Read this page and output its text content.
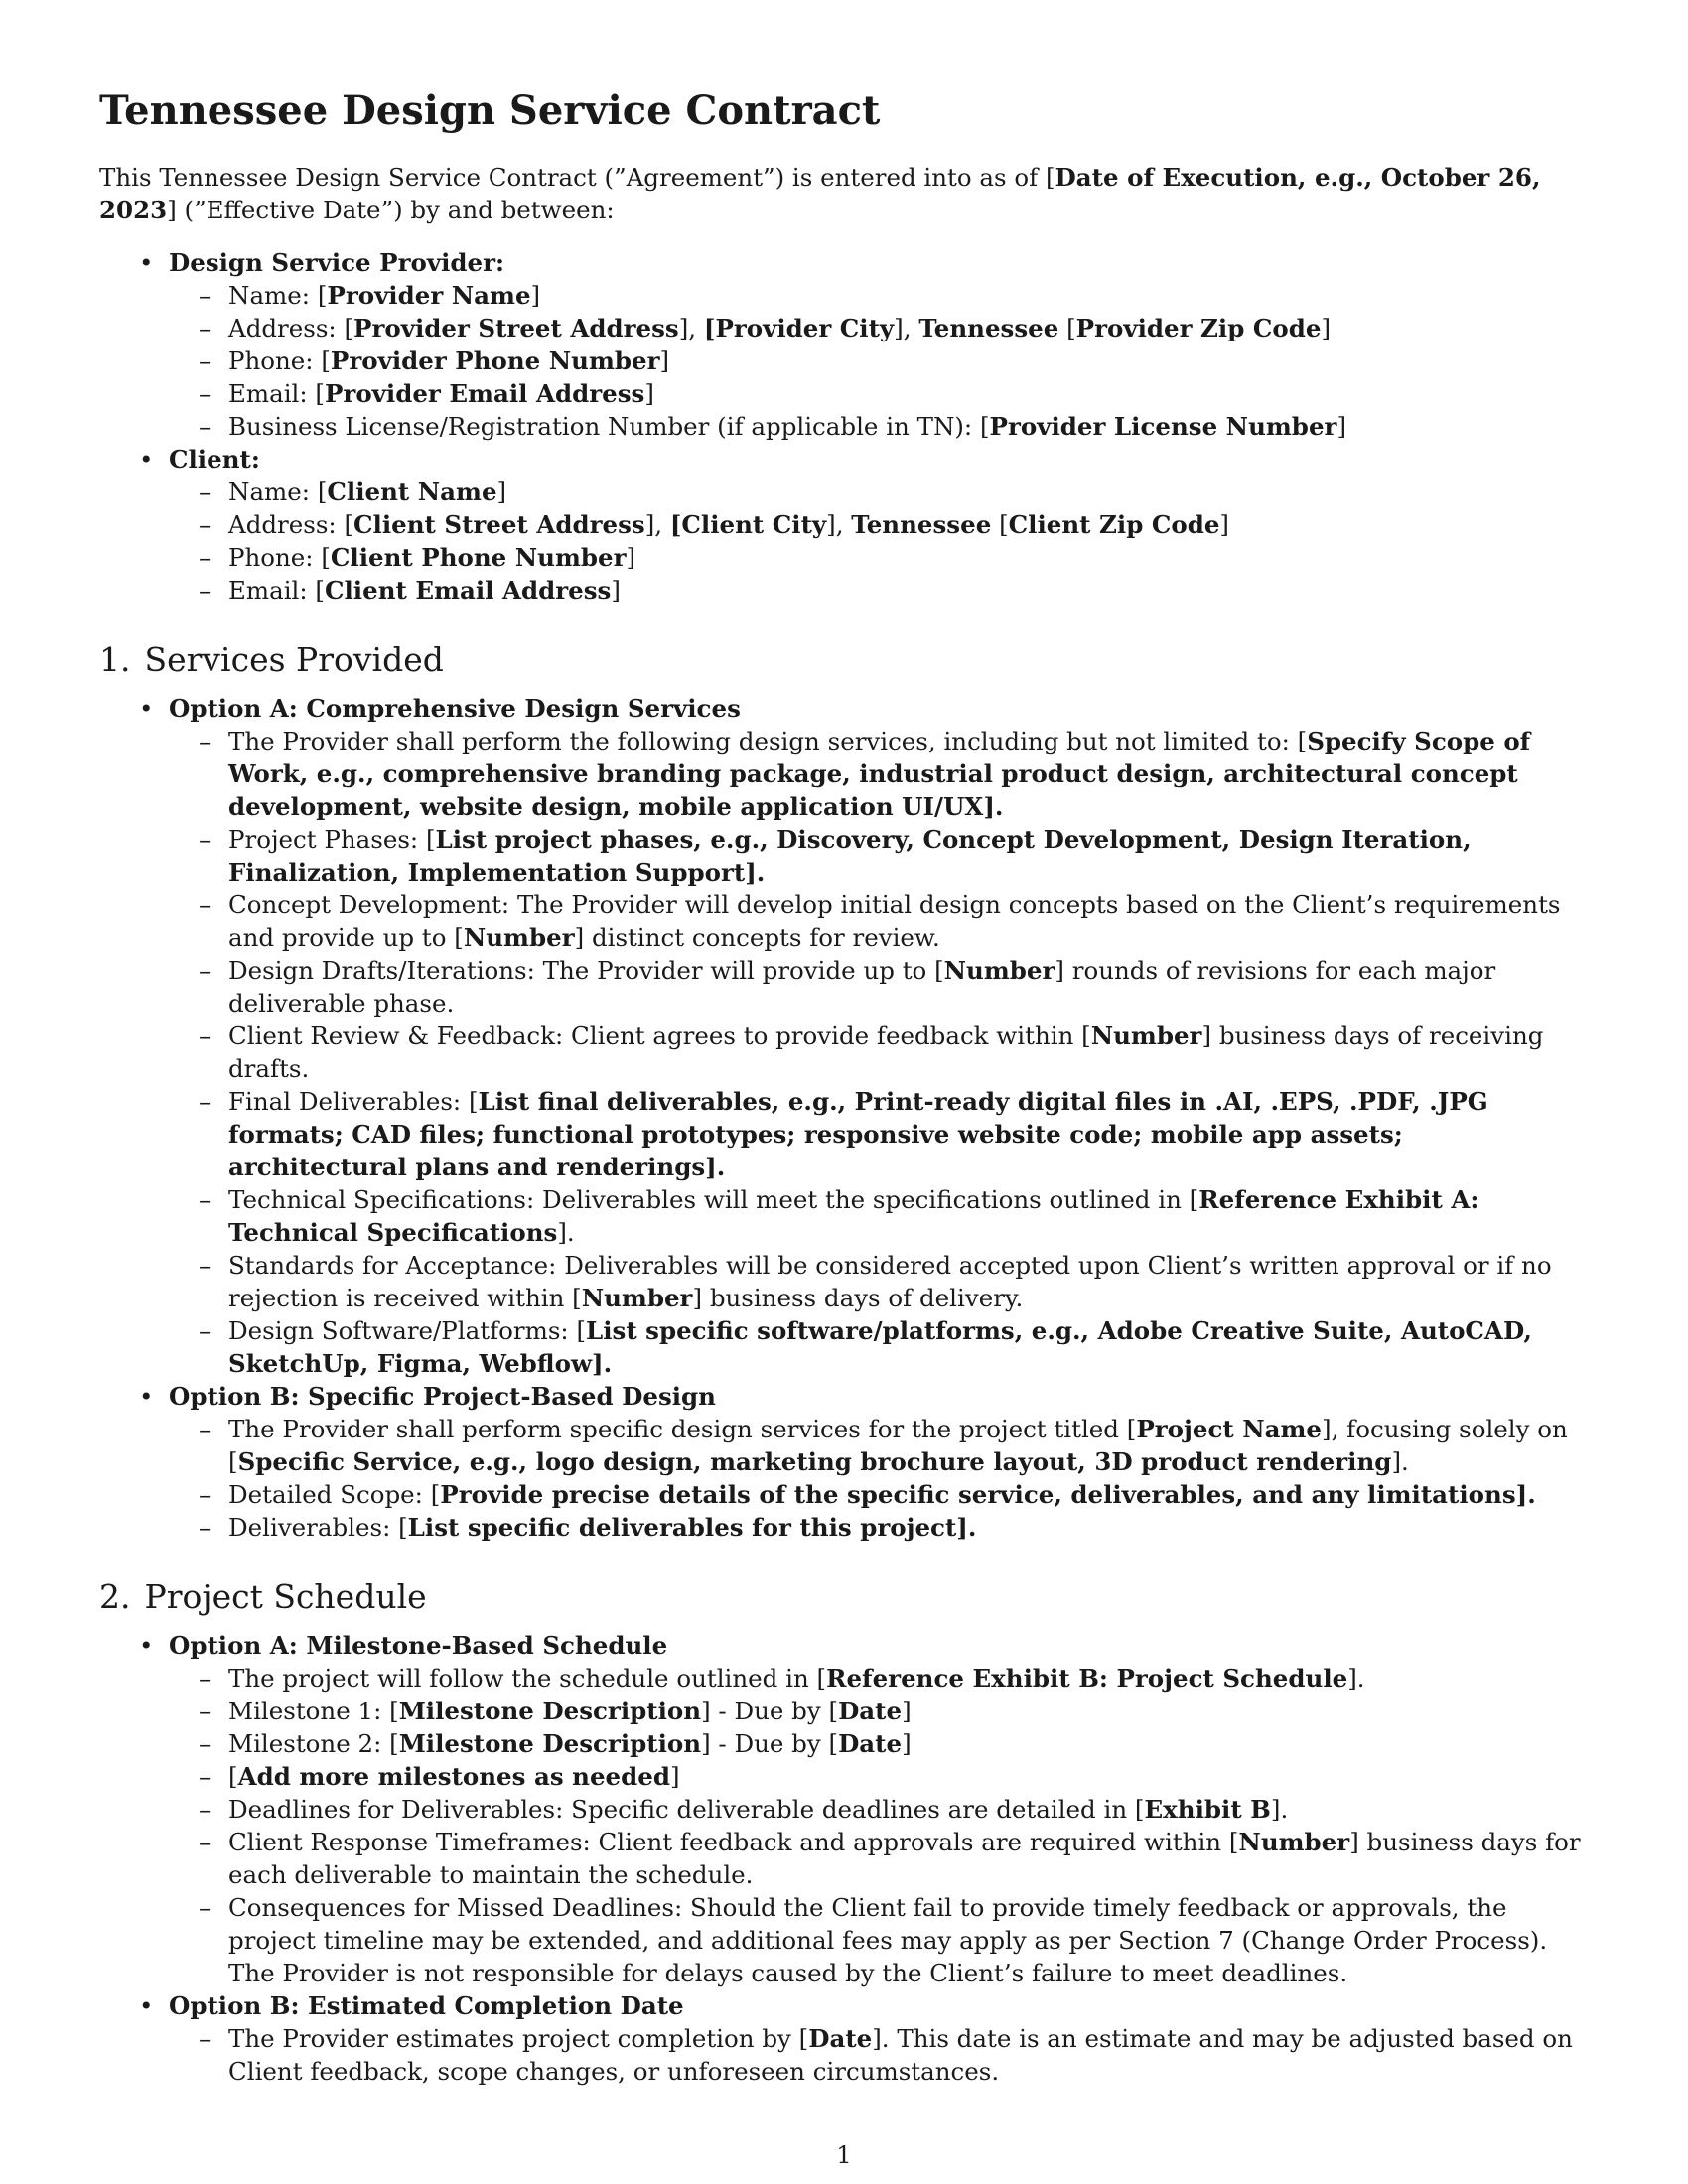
Tennessee Design Service Contract

This Tennessee Design Service Contract (”Agreement”) is entered into as of [Date of Execution, e.g., October 26, 2023] (”Effective Date”) by and between:

• Design Service Provider:
– Name: [Provider Name]
– Address: [Provider Street Address], [Provider City], Tennessee [Provider Zip Code]
– Phone: [Provider Phone Number]
– Email: [Provider Email Address]
– Business License/Registration Number (if applicable in TN): [Provider License Number]
• Client:
– Name: [Client Name]
– Address: [Client Street Address], [Client City], Tennessee [Client Zip Code]
– Phone: [Client Phone Number]
– Email: [Client Email Address]
1. Services Provided
• Option A: Comprehensive Design Services
– The Provider shall perform the following design services, including but not limited to: [Specify Scope of Work, e.g., comprehensive branding package, industrial product design, architectural concept development, website design, mobile application UI/UX].
– Project Phases: [List project phases, e.g., Discovery, Concept Development, Design Iteration, Finalization, Implementation Support].
– Concept Development: The Provider will develop initial design concepts based on the Client’s requirements and provide up to [Number] distinct concepts for review.
– Design Drafts/Iterations: The Provider will provide up to [Number] rounds of revisions for each major deliverable phase.
– Client Review & Feedback: Client agrees to provide feedback within [Number] business days of receiving drafts.
– Final Deliverables: [List final deliverables, e.g., Print-ready digital files in .AI, .EPS, .PDF, .JPG formats; CAD files; functional prototypes; responsive website code; mobile app assets; architectural plans and renderings].
– Technical Specifications: Deliverables will meet the specifications outlined in [Reference Exhibit A: Technical Specifications].
– Standards for Acceptance: Deliverables will be considered accepted upon Client’s written approval or if no rejection is received within [Number] business days of delivery.
– Design Software/Platforms: [List specific software/platforms, e.g., Adobe Creative Suite, AutoCAD, SketchUp, Figma, Webflow].
• Option B: Specific Project-Based Design
– The Provider shall perform specific design services for the project titled [Project Name], focusing solely on [Specific Service, e.g., logo design, marketing brochure layout, 3D product rendering].
– Detailed Scope: [Provide precise details of the specific service, deliverables, and any limitations].
– Deliverables: [List specific deliverables for this project].
2. Project Schedule
• Option A: Milestone-Based Schedule
– The project will follow the schedule outlined in [Reference Exhibit B: Project Schedule].
– Milestone 1: [Milestone Description] - Due by [Date]
– Milestone 2: [Milestone Description] - Due by [Date]
– [Add more milestones as needed]
– Deadlines for Deliverables: Specific deliverable deadlines are detailed in [Exhibit B].
– Client Response Timeframes: Client feedback and approvals are required within [Number] business days for each deliverable to maintain the schedule.
– Consequences for Missed Deadlines: Should the Client fail to provide timely feedback or approvals, the project timeline may be extended, and additional fees may apply as per Section 7 (Change Order Process). The Provider is not responsible for delays caused by the Client’s failure to meet deadlines.
• Option B: Estimated Completion Date
– The Provider estimates project completion by [Date]. This date is an estimate and may be adjusted based on Client feedback, scope changes, or unforeseen circumstances.
1
